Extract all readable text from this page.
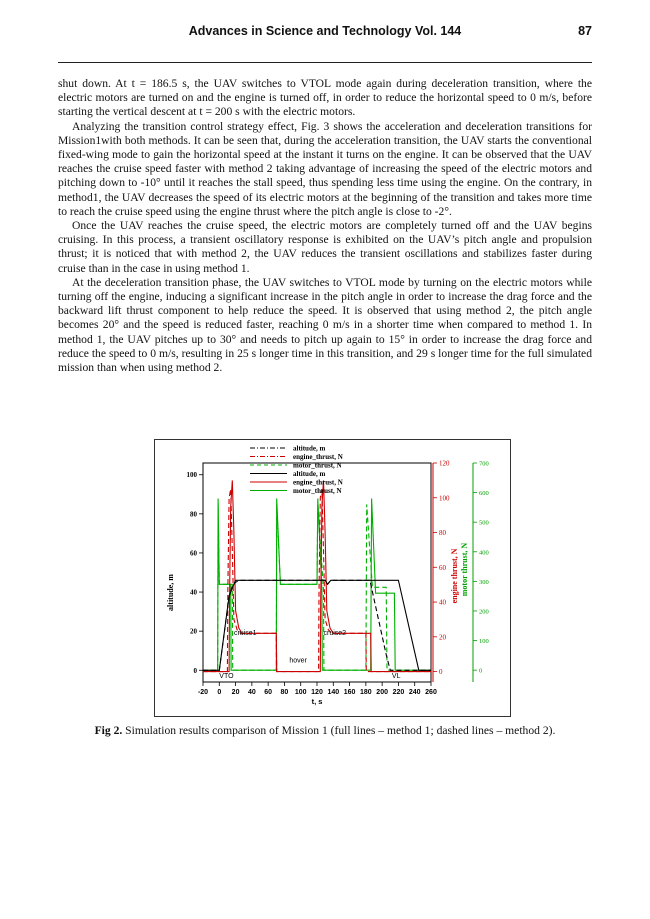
Advances in Science and Technology Vol. 144	87

shut down. At t = 186.5 s, the UAV switches to VTOL mode again during deceleration transition, where the electric motors are turned on and the engine is turned off, in order to reduce the horizontal speed to 0 m/s, before starting the vertical descent at t = 200 s with the electric motors.

Analyzing the transition control strategy effect, Fig. 3 shows the acceleration and deceleration transitions for Mission1with both methods. It can be seen that, during the acceleration transition, the UAV starts the conventional fixed-wing mode to gain the horizontal speed at the instant it turns on the engine. It can be observed that the UAV reaches the cruise speed faster with method 2 taking advantage of increasing the speed of the electric motors and pitching down to -10° until it reaches the stall speed, thus spending less time using the engine. On the contrary, in method1, the UAV decreases the speed of its electric motors at the beginning of the transition and takes more time to reach the cruise speed using the engine thrust where the pitch angle is close to -2°.

Once the UAV reaches the cruise speed, the electric motors are completely turned off and the UAV begins cruising. In this process, a transient oscillatory response is exhibited on the UAV’s pitch angle and propulsion thrust; it is noticed that with method 2, the UAV reduces the transient oscillations and stabilizes faster during cruise than in the case in using method 1.

At the deceleration transition phase, the UAV switches to VTOL mode by turning on the electric motors while turning off the engine, inducing a significant increase in the pitch angle in order to increase the drag force and the backward lift thrust component to help reduce the speed. It is observed that using method 2, the pitch angle becomes 20° and the speed is reduced faster, reaching 0 m/s in a shorter time when compared to method 1. In method 1, the UAV pitches up to 30° and needs to pitch up again to 15° in order to increase the drag force and reduce the speed to 0 m/s, resulting in 25 s longer time in this transition, and 29 s longer time for the full simulated mission than when using method 2.

-20 0 20 40 60 80 100 120 140 160 180 200 220 240 260
t, s
0
20
40
60
80
100
altitude, m
0
20
40
60
80
100
120
engine thrust, N
0
100
200
300
400
500
600
700
motor thrust, N
VTO
cruise1
hover
cruise2
VL
altitude, m
engine_thrust, N
motor_thrust, N
altitude, m
engine_thrust, N
motor_thrust, N
Fig 2. Simulation results comparison of Mission 1 (full lines – method 1; dashed lines – method 2).
